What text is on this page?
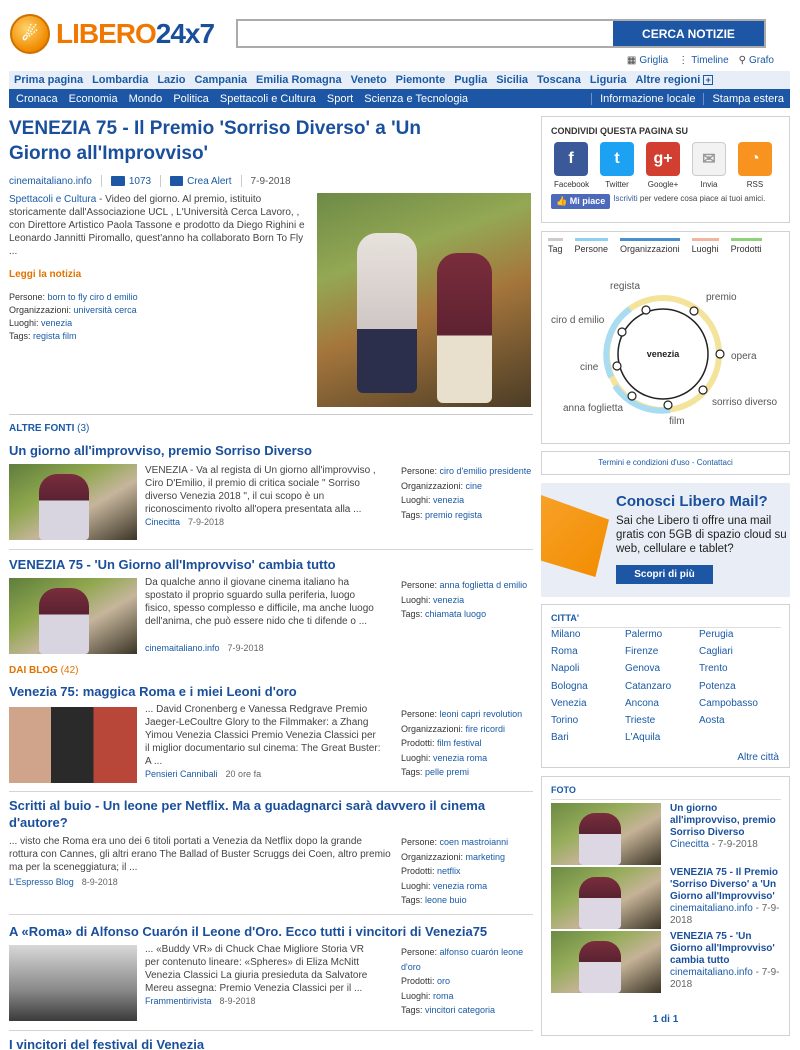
☄ LIBERO24x7	CERCA NOTIZIE
▦ Griglia ⋮ Timeline ⚲ Grafo
Prima pagina Lombardia Lazio Campania Emilia Romagna Veneto Piemonte Puglia Sicilia Toscana Liguria Altre regioni +
Cronaca Economia Mondo Politica Spettacoli e Cultura Sport Scienza e Tecnologia	Informazione locale	Stampa estera
VENEZIA 75 - Il Premio 'Sorriso Diverso' a 'Un Giorno all'Improvviso'
cinemaitaliano.info	1073	Crea Alert 7-9-2018
Spettacoli e Cultura - Video del giorno. Al premio, istituito storicamente dall'Associazione UCL , L'Università Cerca Lavoro, , con Direttore Artistico Paola Tassone e prodotto da Diego Righini e Leonardo Jannitti Piromallo, quest'anno ha collaborato Born To Fly ...
Leggi la notizia
Persone: born to fly ciro d emilio
Organizzazioni: università cerca
Luoghi: venezia
Tags: regista film
ALTRE FONTI (3)
Un giorno all'improvviso, premio Sorriso Diverso
VENEZIA - Va al regista di Un giorno all'improvviso , Ciro D'Emilio, il premio di critica sociale " Sorriso diverso Venezia 2018 ", il cui scopo è un riconoscimento rivolto all'opera presentata alla ...
Cinecitta 7-9-2018
Persone: ciro d'emilio presidente
Organizzazioni: cine
Luoghi: venezia
Tags: premio regista
VENEZIA 75 - 'Un Giorno all'Improvviso' cambia tutto
Da qualche anno il giovane cinema italiano ha spostato il proprio sguardo sulla periferia, luogo fisico, spesso complesso e difficile, ma anche luogo dell'anima, che può essere nido che ti difende o ...
cinemaitaliano.info 7-9-2018
Persone: anna foglietta d emilio
Luoghi: venezia
Tags: chiamata luogo
DAI BLOG (42)
Venezia 75: maggica Roma e i miei Leoni d'oro
... David Cronenberg e Vanessa Redgrave Premio Jaeger-LeCoultre Glory to the Filmmaker: a Zhang Yimou Venezia Classici Premio Venezia Classici per il miglior documentario sul cinema: The Great Buster: A ...
Pensieri Cannibali 20 ore fa
Persone: leoni capri revolution
Organizzazioni: fire ricordi
Prodotti: film festival
Luoghi: venezia roma
Tags: pelle premi
Scritti al buio - Un leone per Netflix. Ma a guadagnarci sarà davvero il cinema d'autore?
... visto che Roma era uno dei 6 titoli portati a Venezia da Netflix dopo la grande rottura con Cannes, gli altri erano The Ballad of Buster Scruggs dei Coen, altro premio ma per la sceneggiatura; il ...
L'Espresso Blog 8-9-2018
Persone: coen mastroianni
Organizzazioni: marketing
Prodotti: netflix
Luoghi: venezia roma
Tags: leone buio
A «Roma» di Alfonso Cuarón il Leone d'Oro. Ecco tutti i vincitori di Venezia75
... «Buddy VR» di Chuck Chae Migliore Storia VR per contenuto lineare: «Spheres» di Eliza McNitt Venezia Classici La giuria presieduta da Salvatore Mereu assegna: Premio Venezia Classici per il ...
Frammentirivista 8-9-2018
Persone: alfonso cuarón leone d'oro
Prodotti: oro
Luoghi: roma
Tags: vincitori categoria
I vincitori del festival di Venezia
CONDIVIDI QUESTA PAGINA SU
f
Facebook
t
Twitter
g+
Google+
✉
Invia
◔
RSS
👍 Mi piace	Iscriviti per vedere cosa piace ai tuoi amici.
Tag Persone Organizzazioni Luoghi Prodotti
venezia
regista
premio
ciro d emilio
opera
cine
anna foglietta
sorriso diverso
film
Termini e condizioni d'uso - Contattaci
Conosci Libero Mail?
Sai che Libero ti offre una mail gratis con 5GB di spazio cloud su web, cellulare e tablet?
Scopri di più
CITTA'
Milano	Palermo	Perugia
Roma	Firenze	Cagliari
Napoli	Genova	Trento
Bologna	Catanzaro	Potenza
Venezia	Ancona	Campobasso
Torino	Trieste	Aosta
Bari	L'Aquila
Altre città
FOTO
Un giorno all'improvviso, premio Sorriso Diverso
Cinecitta - 7-9-2018
VENEZIA 75 - Il Premio 'Sorriso Diverso' a 'Un Giorno all'Improvviso'
cinemaitaliano.info - 7-9-2018
VENEZIA 75 - 'Un Giorno all'Improvviso' cambia tutto
cinemaitaliano.info - 7-9-2018
1 di 1
